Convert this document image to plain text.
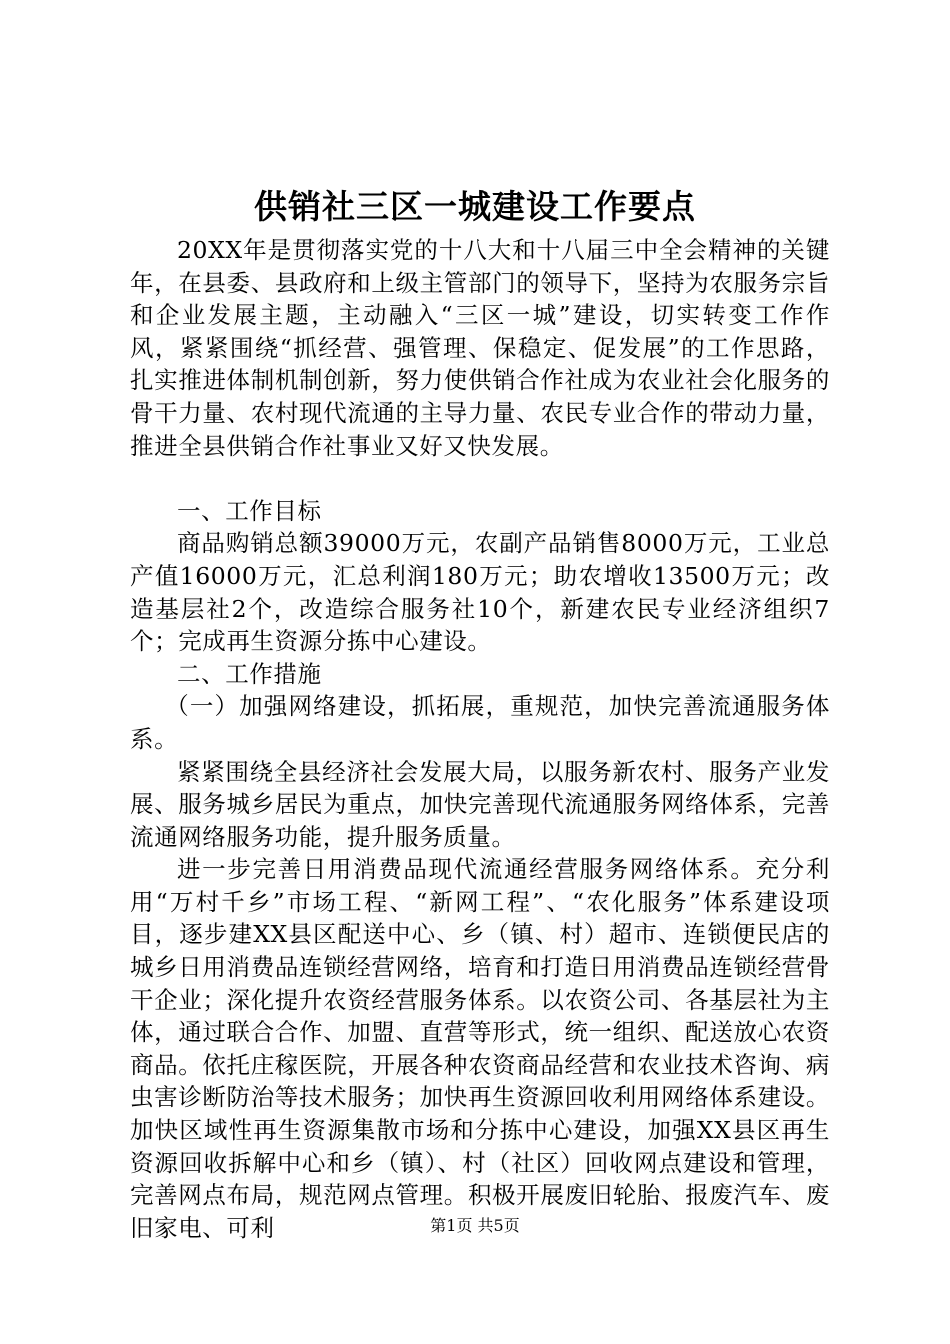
供销社三区一城建设工作要点

20XX年是贯彻落实党的十八大和十八届三中全会精神的关键年，在县委、县政府和上级主管部门的领导下，坚持为农服务宗旨和企业发展主题，主动融入“三区一城”建设，切实转变工作作风，紧紧围绕“抓经营、强管理、保稳定、促发展”的工作思路，扎实推进体制机制创新，努力使供销合作社成为农业社会化服务的骨干力量、农村现代流通的主导力量、农民专业合作的带动力量，推进全县供销合作社事业又好又快发展。

一、工作目标

商品购销总额39000万元，农副产品销售8000万元，工业总产值16000万元，汇总利润180万元；助农增收13500万元；改造基层社2个，改造综合服务社10个，新建农民专业经济组织7个；完成再生资源分拣中心建设。

二、工作措施

（一）加强网络建设，抓拓展，重规范，加快完善流通服务体系。

紧紧围绕全县经济社会发展大局，以服务新农村、服务产业发展、服务城乡居民为重点，加快完善现代流通服务网络体系，完善流通网络服务功能，提升服务质量。

进一步完善日用消费品现代流通经营服务网络体系。充分利用“万村千乡”市场工程、“新网工程”、“农化服务”体系建设项目，逐步建XX县区配送中心、乡（镇、村）超市、连锁便民店的城乡日用消费品连锁经营网络，培育和打造日用消费品连锁经营骨干企业；深化提升农资经营服务体系。以农资公司、各基层社为主体，通过联合合作、加盟、直营等形式，统一组织、配送放心农资商品。依托庄稼医院，开展各种农资商品经营和农业技术咨询、病虫害诊断防治等技术服务；加快再生资源回收利用网络体系建设。加快区域性再生资源集散市场和分拣中心建设，加强XX县区再生资源回收拆解中心和乡（镇）、村（社区）回收网点建设和管理，完善网点布局，规范网点管理。积极开展废旧轮胎、报废汽车、废旧家电、可利	第1页 共5页
